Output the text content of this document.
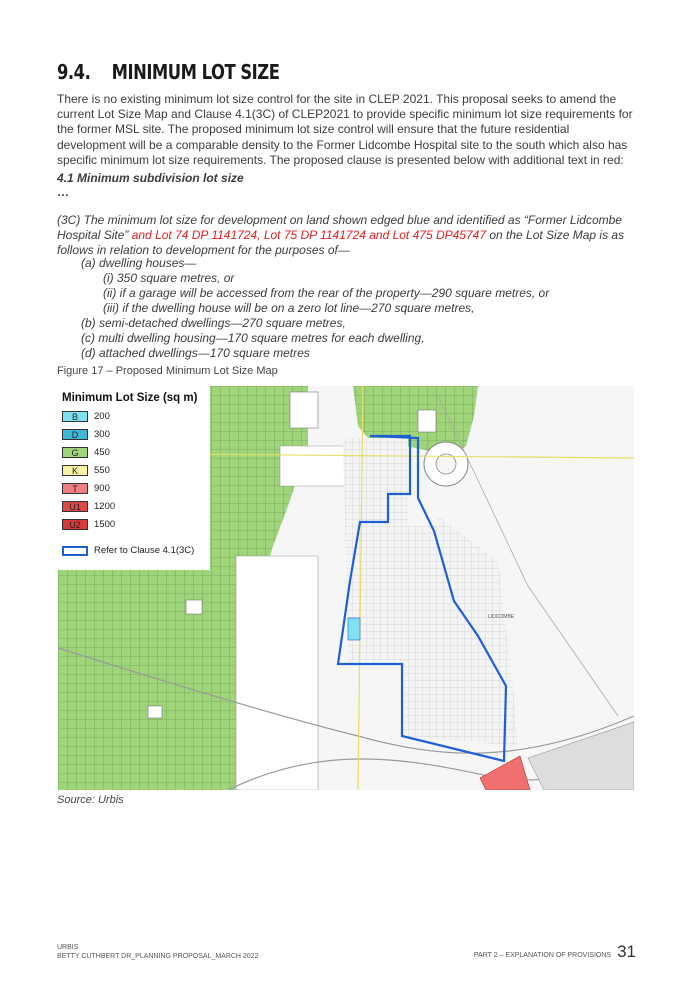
9.4. MINIMUM LOT SIZE
There is no existing minimum lot size control for the site in CLEP 2021. This proposal seeks to amend the current Lot Size Map and Clause 4.1(3C) of CLEP2021 to provide specific minimum lot size requirements for the former MSL site. The proposed minimum lot size control will ensure that the future residential development will be a comparable density to the Former Lidcombe Hospital site to the south which also has specific minimum lot size requirements. The proposed clause is presented below with additional text in red:
4.1 Minimum subdivision lot size
…
(3C) The minimum lot size for development on land shown edged blue and identified as “Former Lidcombe Hospital Site” and Lot 74 DP 1141724, Lot 75 DP 1141724 and Lot 475 DP45747 on the Lot Size Map is as follows in relation to development for the purposes of—
(a) dwelling houses—
(i) 350 square metres, or
(ii) if a garage will be accessed from the rear of the property—290 square metres, or
(iii) if the dwelling house will be on a zero lot line—270 square metres,
(b) semi-detached dwellings—270 square metres,
(c) multi dwelling housing—170 square metres for each dwelling,
(d) attached dwellings—170 square metres
Figure 17 – Proposed Minimum Lot Size Map
LIDCOMBE
Minimum Lot Size (sq m)
B	200
D	300
G	450
K	550
T	900
U1	1200
U2	1500
Refer to Clause 4.1(3C)
Source: Urbis
URBIS
BETTY CUTHBERT DR_PLANNING PROPOSAL_MARCH 2022	PART 2 – EXPLANATION OF PROVISIONS 31
